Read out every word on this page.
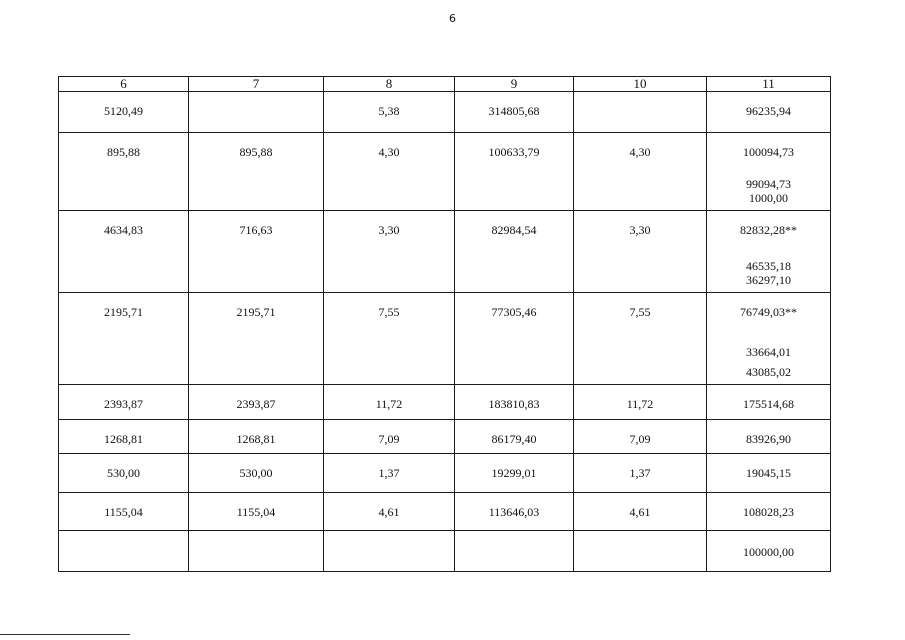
6
6	7	8	9	10	11

5120,49		5,38	314805,68		96235,94

895,88	895,88	4,30	100633,79	4,30	100094,73
99094,73
1000,00

4634,83	716,63	3,30	82984,54	3,30	82832,28**
46535,18
36297,10

2195,71	2195,71	7,55	77305,46	7,55	76749,03**
33664,01
43085,02

2393,87	2393,87	11,72	183810,83	11,72	175514,68

1268,81	1268,81	7,09	86179,40	7,09	83926,90

530,00	530,00	1,37	19299,01	1,37	19045,15

1155,04	1155,04	4,61	113646,03	4,61	108028,23

					100000,00
